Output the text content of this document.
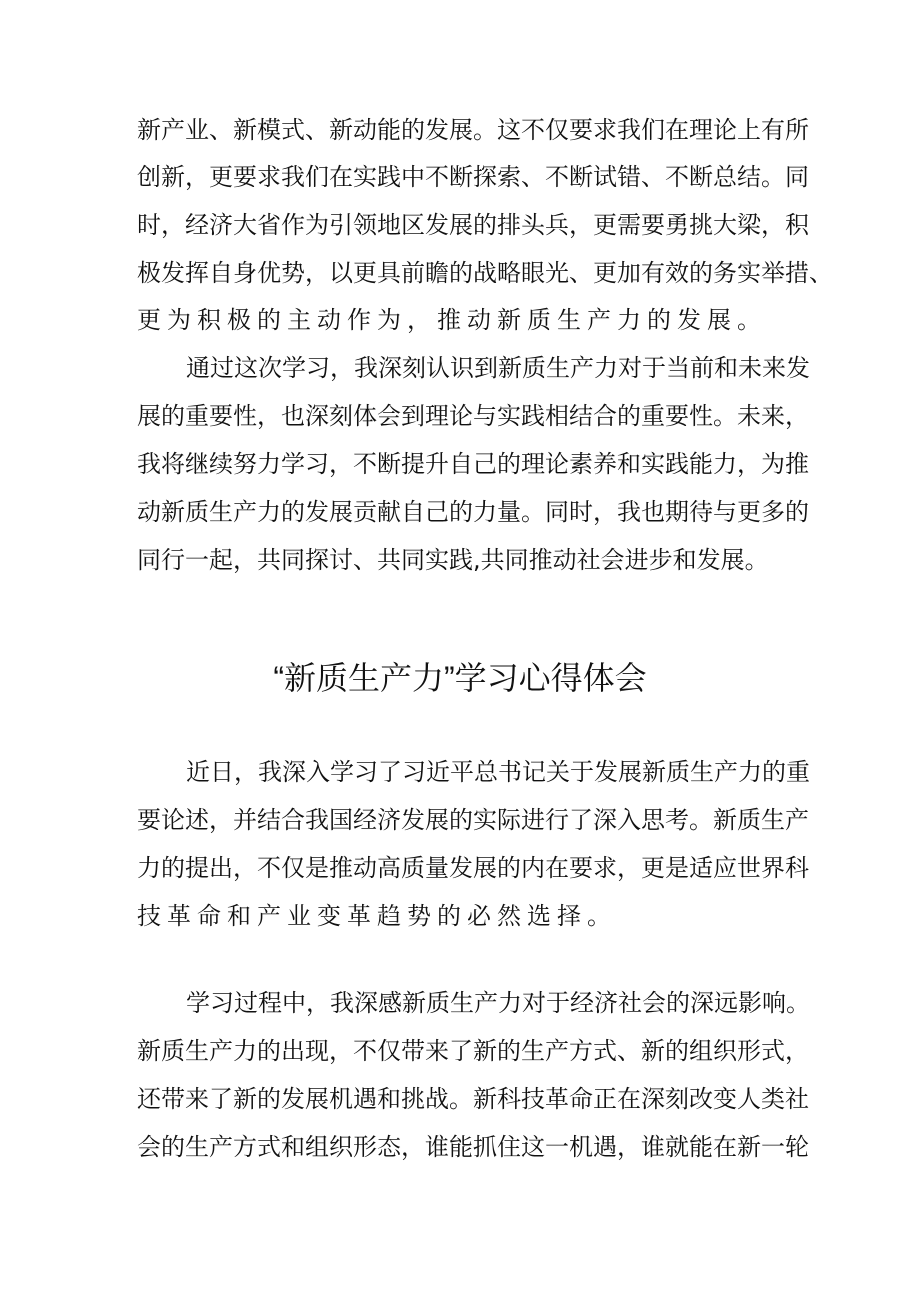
新产业、新模式、新动能的发展。这不仅要求我们在理论上有所
创新，更要求我们在实践中不断探索、不断试错、不断总结。同
时，经济大省作为引领地区发展的排头兵，更需要勇挑大梁，积
极发挥自身优势，以更具前瞻的战略眼光、更加有效的务实举措、
更为积极的主动作为，推动新质生产力的发展。
通过这次学习，我深刻认识到新质生产力对于当前和未来发
展的重要性，也深刻体会到理论与实践相结合的重要性。未来，
我将继续努力学习，不断提升自己的理论素养和实践能力，为推
动新质生产力的发展贡献自己的力量。同时，我也期待与更多的
同行一起，共同探讨、共同实践,共同推动社会进步和发展。
“新质生产力”学习心得体会
近日，我深入学习了习近平总书记关于发展新质生产力的重
要论述，并结合我国经济发展的实际进行了深入思考。新质生产
力的提出，不仅是推动高质量发展的内在要求，更是适应世界科
技革命和产业变革趋势的必然选择。
学习过程中，我深感新质生产力对于经济社会的深远影响。
新质生产力的出现，不仅带来了新的生产方式、新的组织形式，
还带来了新的发展机遇和挑战。新科技革命正在深刻改变人类社
会的生产方式和组织形态，谁能抓住这一机遇，谁就能在新一轮
